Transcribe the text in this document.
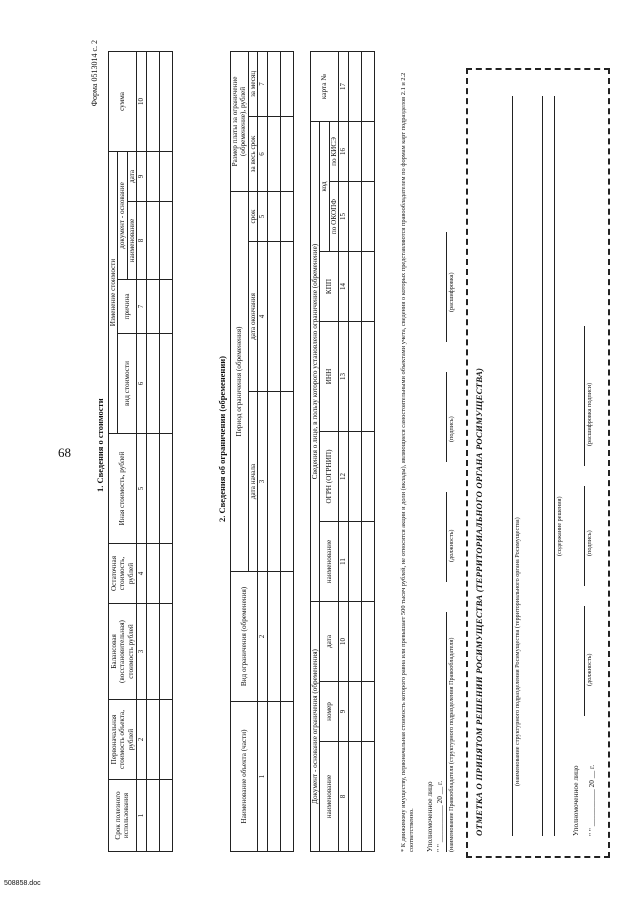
68
508858.doc
Форма 0513014 с. 2
1. Сведения о стоимости
Срок полезного использования	Первоначальная стоимость объекта, рублей	Балансовая (восстановительная) стоимость рублей	Остаточная стоимость, рублей	Иная стоимость, рублей	Изменение стоимости				сумма
					вид стоимости	причина	документ - основание		
							наименование	дата	
1	2	3	4	5	6	7	8	9	10

2. Сведения об ограничении (обременении)
Наименование объекта (части)	Вид ограничения (обременения)	Период ограничения (обременения)			Размер платы за ограничение (обременение), рублей	
		дата начала	дата окончания	срок	за весь срок	за месяц

1	2	3	4	5	6	7

Документ - основание ограничения (обременения)			Сведения о лице, в пользу которого установлено ограничение (обременение)						карта №
наименование	номер	дата	наименование	ОГРН (ОГРНИП)	ИНН	КПП	код		
							по ОКОПФ	по КИСЭ	
8	9	10	11	12	13	14	15	16	17

										* К движимому имуществу, первоначальная стоимость которого равна или превышает 500 тысяч рублей, не относятся акции и доли (вклады), являющиеся самостоятельными объектами учета, сведения о которых представляются правообладателем по формам карт подразделов 2.1 и 2.2 соответственно. Уполномоченное лицо (наименование Правообладателя (структурного подразделения Правообладателя)
(должность)
(подпись)
(расшифровка)
" " __________ 20 __ г.	ОТМЕТКА О ПРИНЯТОМ РЕШЕНИИ РОСИМУЩЕСТВА (ТЕРРИТОРИАЛЬНОГО ОРГАНА РОСИМУЩЕСТВА)	(наименование структурного подразделения Росимущества (территориального органа Росимущества)	(содержание решения)
Уполномоченное лицо
(должность)
(подпись)
(расшифровка подписи)
" " __________ 20 __ г.
